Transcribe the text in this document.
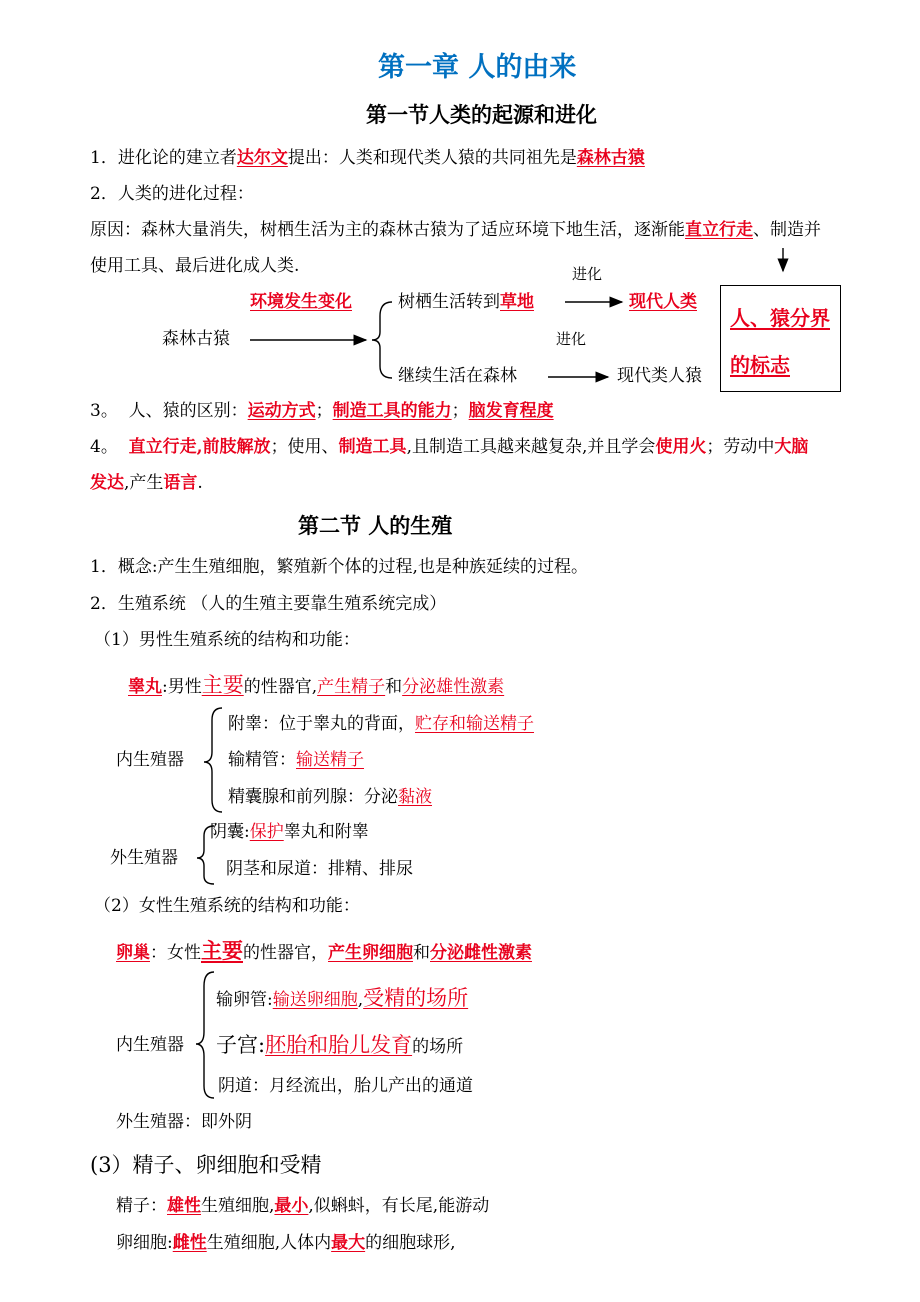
第一章 人的由来
第一节人类的起源和进化
1．进化论的建立者达尔文提出：人类和现代类人猿的共同祖先是森林古猿
2．人类的进化过程：
原因：森林大量消失，树栖生活为主的森林古猿为了适应环境下地生活，逐渐能直立行走、制造并
使用工具、最后进化成人类.
森林古猿
环境发生变化	树栖生活转到草地
进化
现代人类
进化
继续生活在森林	现代类人猿
人、猿分界
的标志
3。 人、猿的区别：运动方式；制造工具的能力；脑发育程度
4。 直立行走,前肢解放；使用、制造工具,且制造工具越来越复杂,并且学会使用火；劳动中大脑
发达,产生语言.
第二节 人的生殖
1．概念:产生生殖细胞，繁殖新个体的过程,也是种族延续的过程。
2．生殖系统 （人的生殖主要靠生殖系统完成）
（1）男性生殖系统的结构和功能：
睾丸:男性主要的性器官,产生精子和分泌雄性激素
内生殖器
附睾：位于睾丸的背面，贮存和输送精子
输精管：输送精子
精囊腺和前列腺：分泌黏液
外生殖器
阴囊:保护睾丸和附睾
阴茎和尿道：排精、排尿
（2）女性生殖系统的结构和功能：
卵巢：女性主要的性器官，产生卵细胞和分泌雌性激素
内生殖器
输卵管:输送卵细胞,受精的场所
子宫:胚胎和胎儿发育的场所
阴道：月经流出，胎儿产出的通道
外生殖器：即外阴
(3）精子、卵细胞和受精
精子：雄性生殖细胞,最小,似蝌蚪，有长尾,能游动
卵细胞:雌性生殖细胞,人体内最大的细胞球形,
